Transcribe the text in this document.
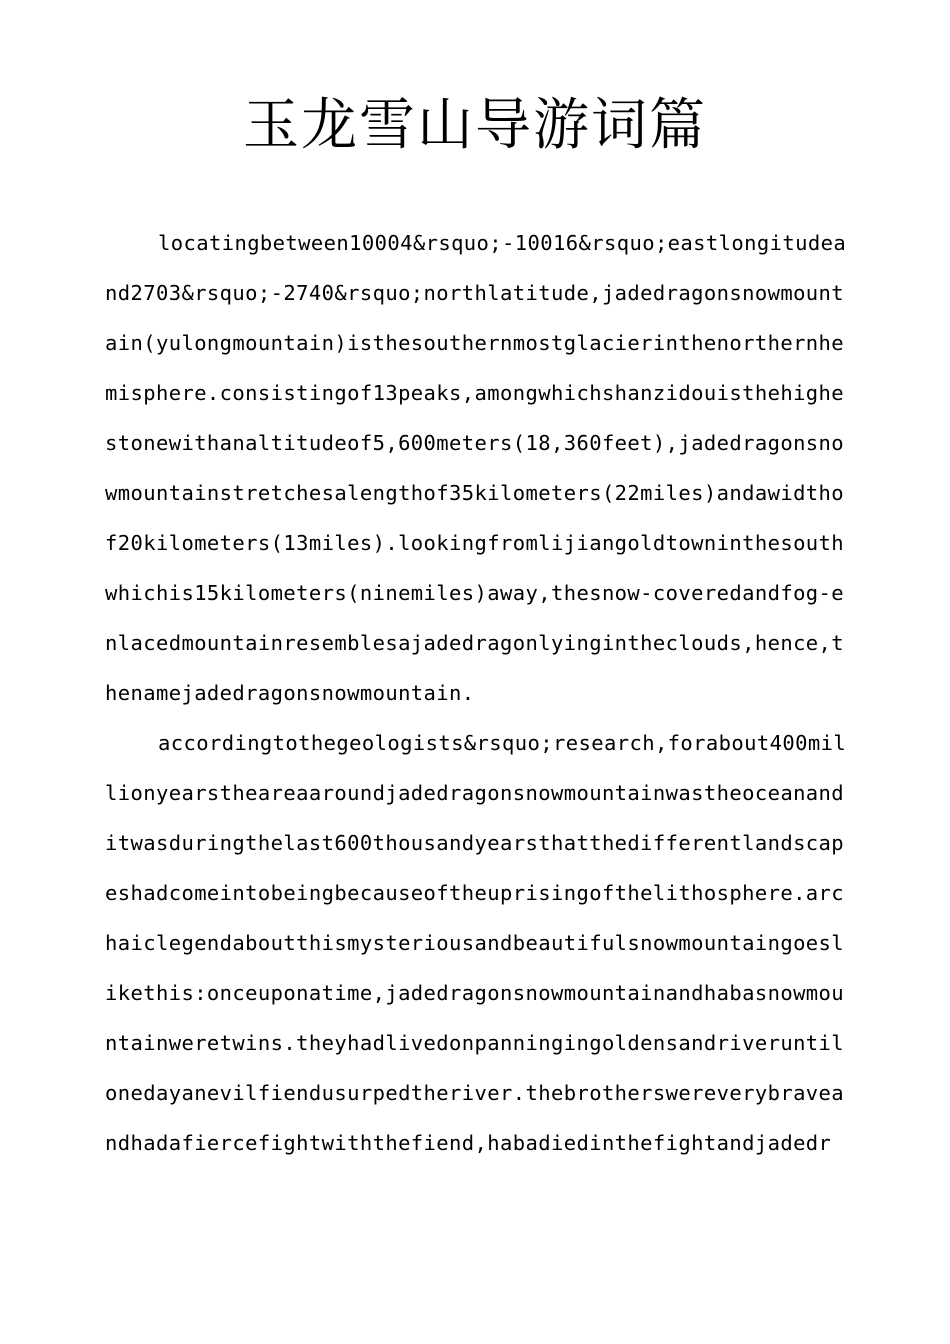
玉龙雪山导游词篇

locatingbetween10004&rsquo;-10016&rsquo;eastlongitudeand2703&rsquo;-2740&rsquo;northlatitude,jadedragonsnowmountain(yulongmountain)isthesouthernmostglacierinthenorthernhemisphere.consistingof13peaks,amongwhichshanzidouisthehighestonewithanaltitudeof5,600meters(18,360feet),jadedragonsnowmountainstretchesalengthof35kilometers(22miles)andawidthof20kilometers(13miles).lookingfromlijiangoldtowninthesouthwhichis15kilometers(ninemiles)away,thesnow-coveredandfog-enlacedmountainresemblesajadedragonlyingintheclouds,hence,thenamejadedragonsnowmountain.

accordingtothegeologists&rsquo;research,forabout400millionyearstheareaaroundjadedragonsnowmountainwastheoceananditwasduringthelast600thousandyearsthatthedifferentlandscapeshadcomeintobeingbecauseoftheuprisingofthelithosphere.archaiclegendaboutthismysteriousandbeautifulsnowmountaingoeslikethis:onceuponatime,jadedragonsnowmountainandhabasnowmountainweretwins.theyhadlivedonpanningingoldensandriveruntilonedayanevilfiendusurpedtheriver.thebrotherswereverybraveandhadafiercefightwiththefiend,habadiedinthefightandjadedr
